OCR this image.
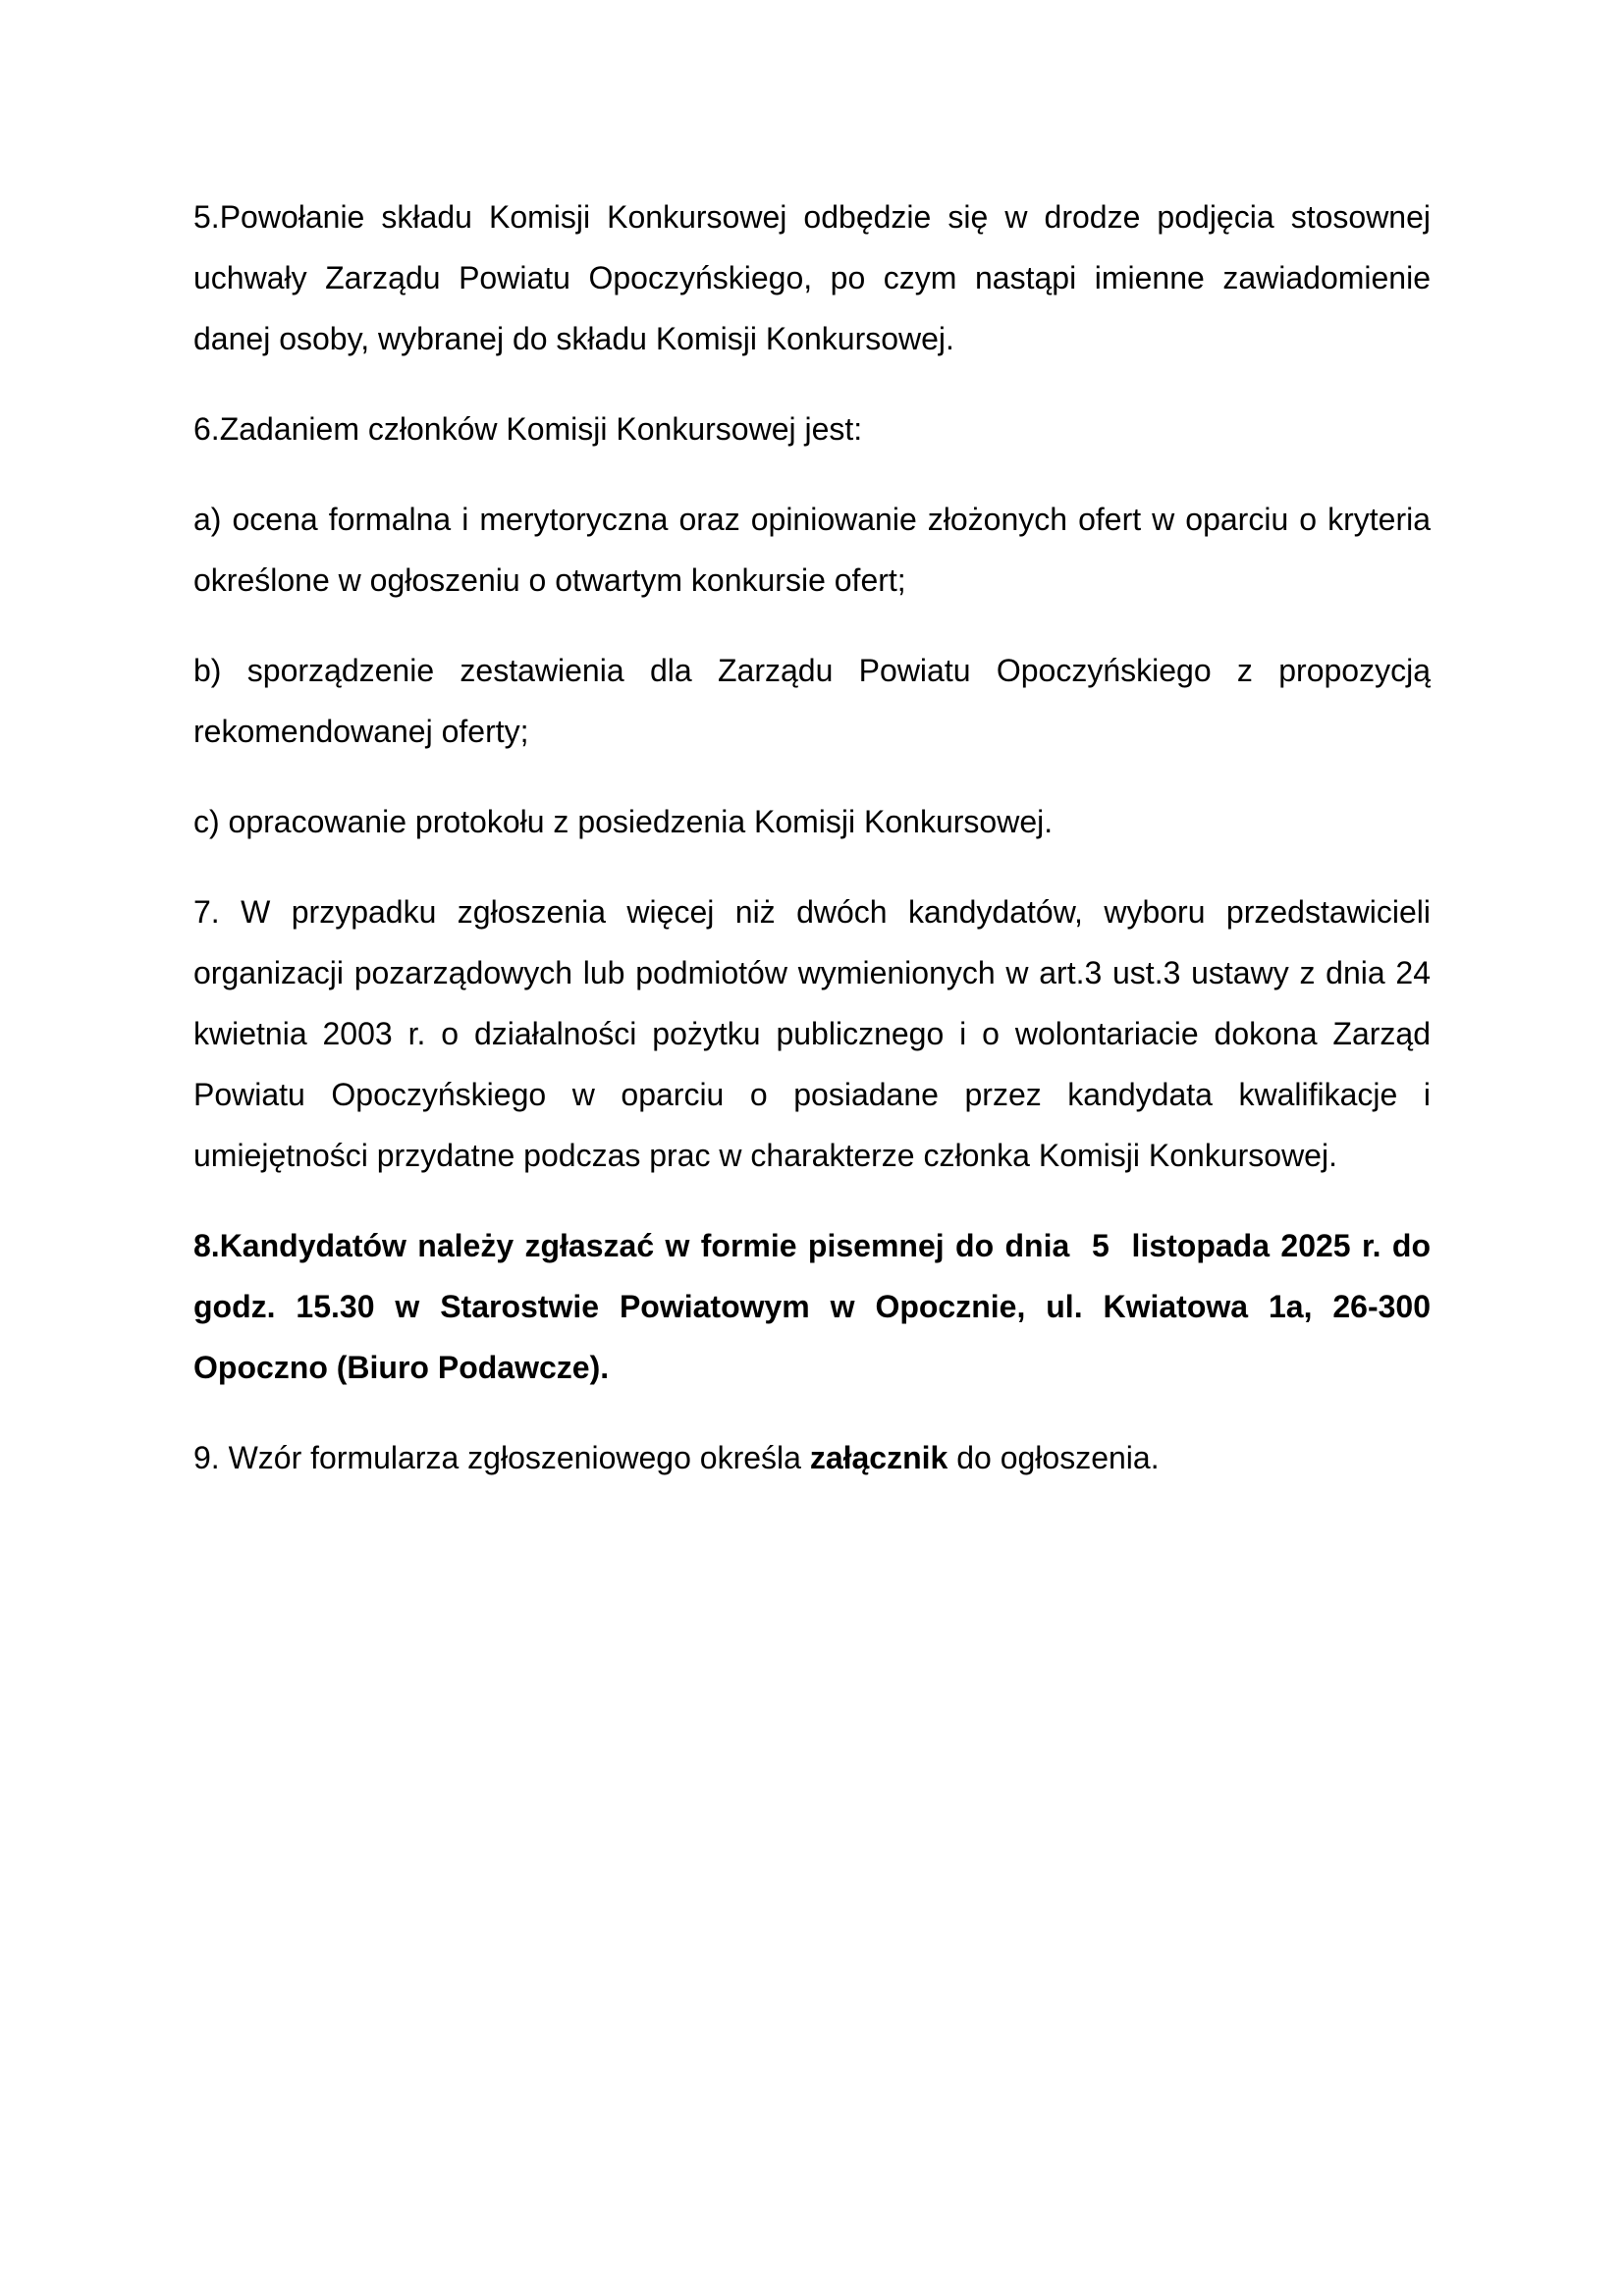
5.Powołanie składu Komisji Konkursowej odbędzie się w drodze podjęcia stosownej uchwały Zarządu Powiatu Opoczyńskiego, po czym nastąpi imienne zawiadomienie danej osoby, wybranej do składu Komisji Konkursowej.

6.Zadaniem członków Komisji Konkursowej jest:

a) ocena formalna i merytoryczna oraz opiniowanie złożonych ofert w oparciu o kryteria określone w ogłoszeniu o otwartym konkursie ofert;

b) sporządzenie zestawienia dla Zarządu Powiatu Opoczyńskiego z propozycją rekomendowanej oferty;

c) opracowanie protokołu z posiedzenia Komisji Konkursowej.

7. W przypadku zgłoszenia więcej niż dwóch kandydatów, wyboru przedstawicieli organizacji pozarządowych lub podmiotów wymienionych w art.3 ust.3 ustawy z dnia 24 kwietnia 2003 r. o działalności pożytku publicznego i o wolontariacie dokona Zarząd Powiatu Opoczyńskiego w oparciu o posiadane przez kandydata kwalifikacje i umiejętności przydatne podczas prac w charakterze członka Komisji Konkursowej.

8.Kandydatów należy zgłaszać w formie pisemnej do dnia  5  listopada 2025 r. do godz. 15.30 w Starostwie Powiatowym w Opocznie, ul. Kwiatowa 1a, 26-300 Opoczno (Biuro Podawcze).

9. Wzór formularza zgłoszeniowego określa załącznik do ogłoszenia.
